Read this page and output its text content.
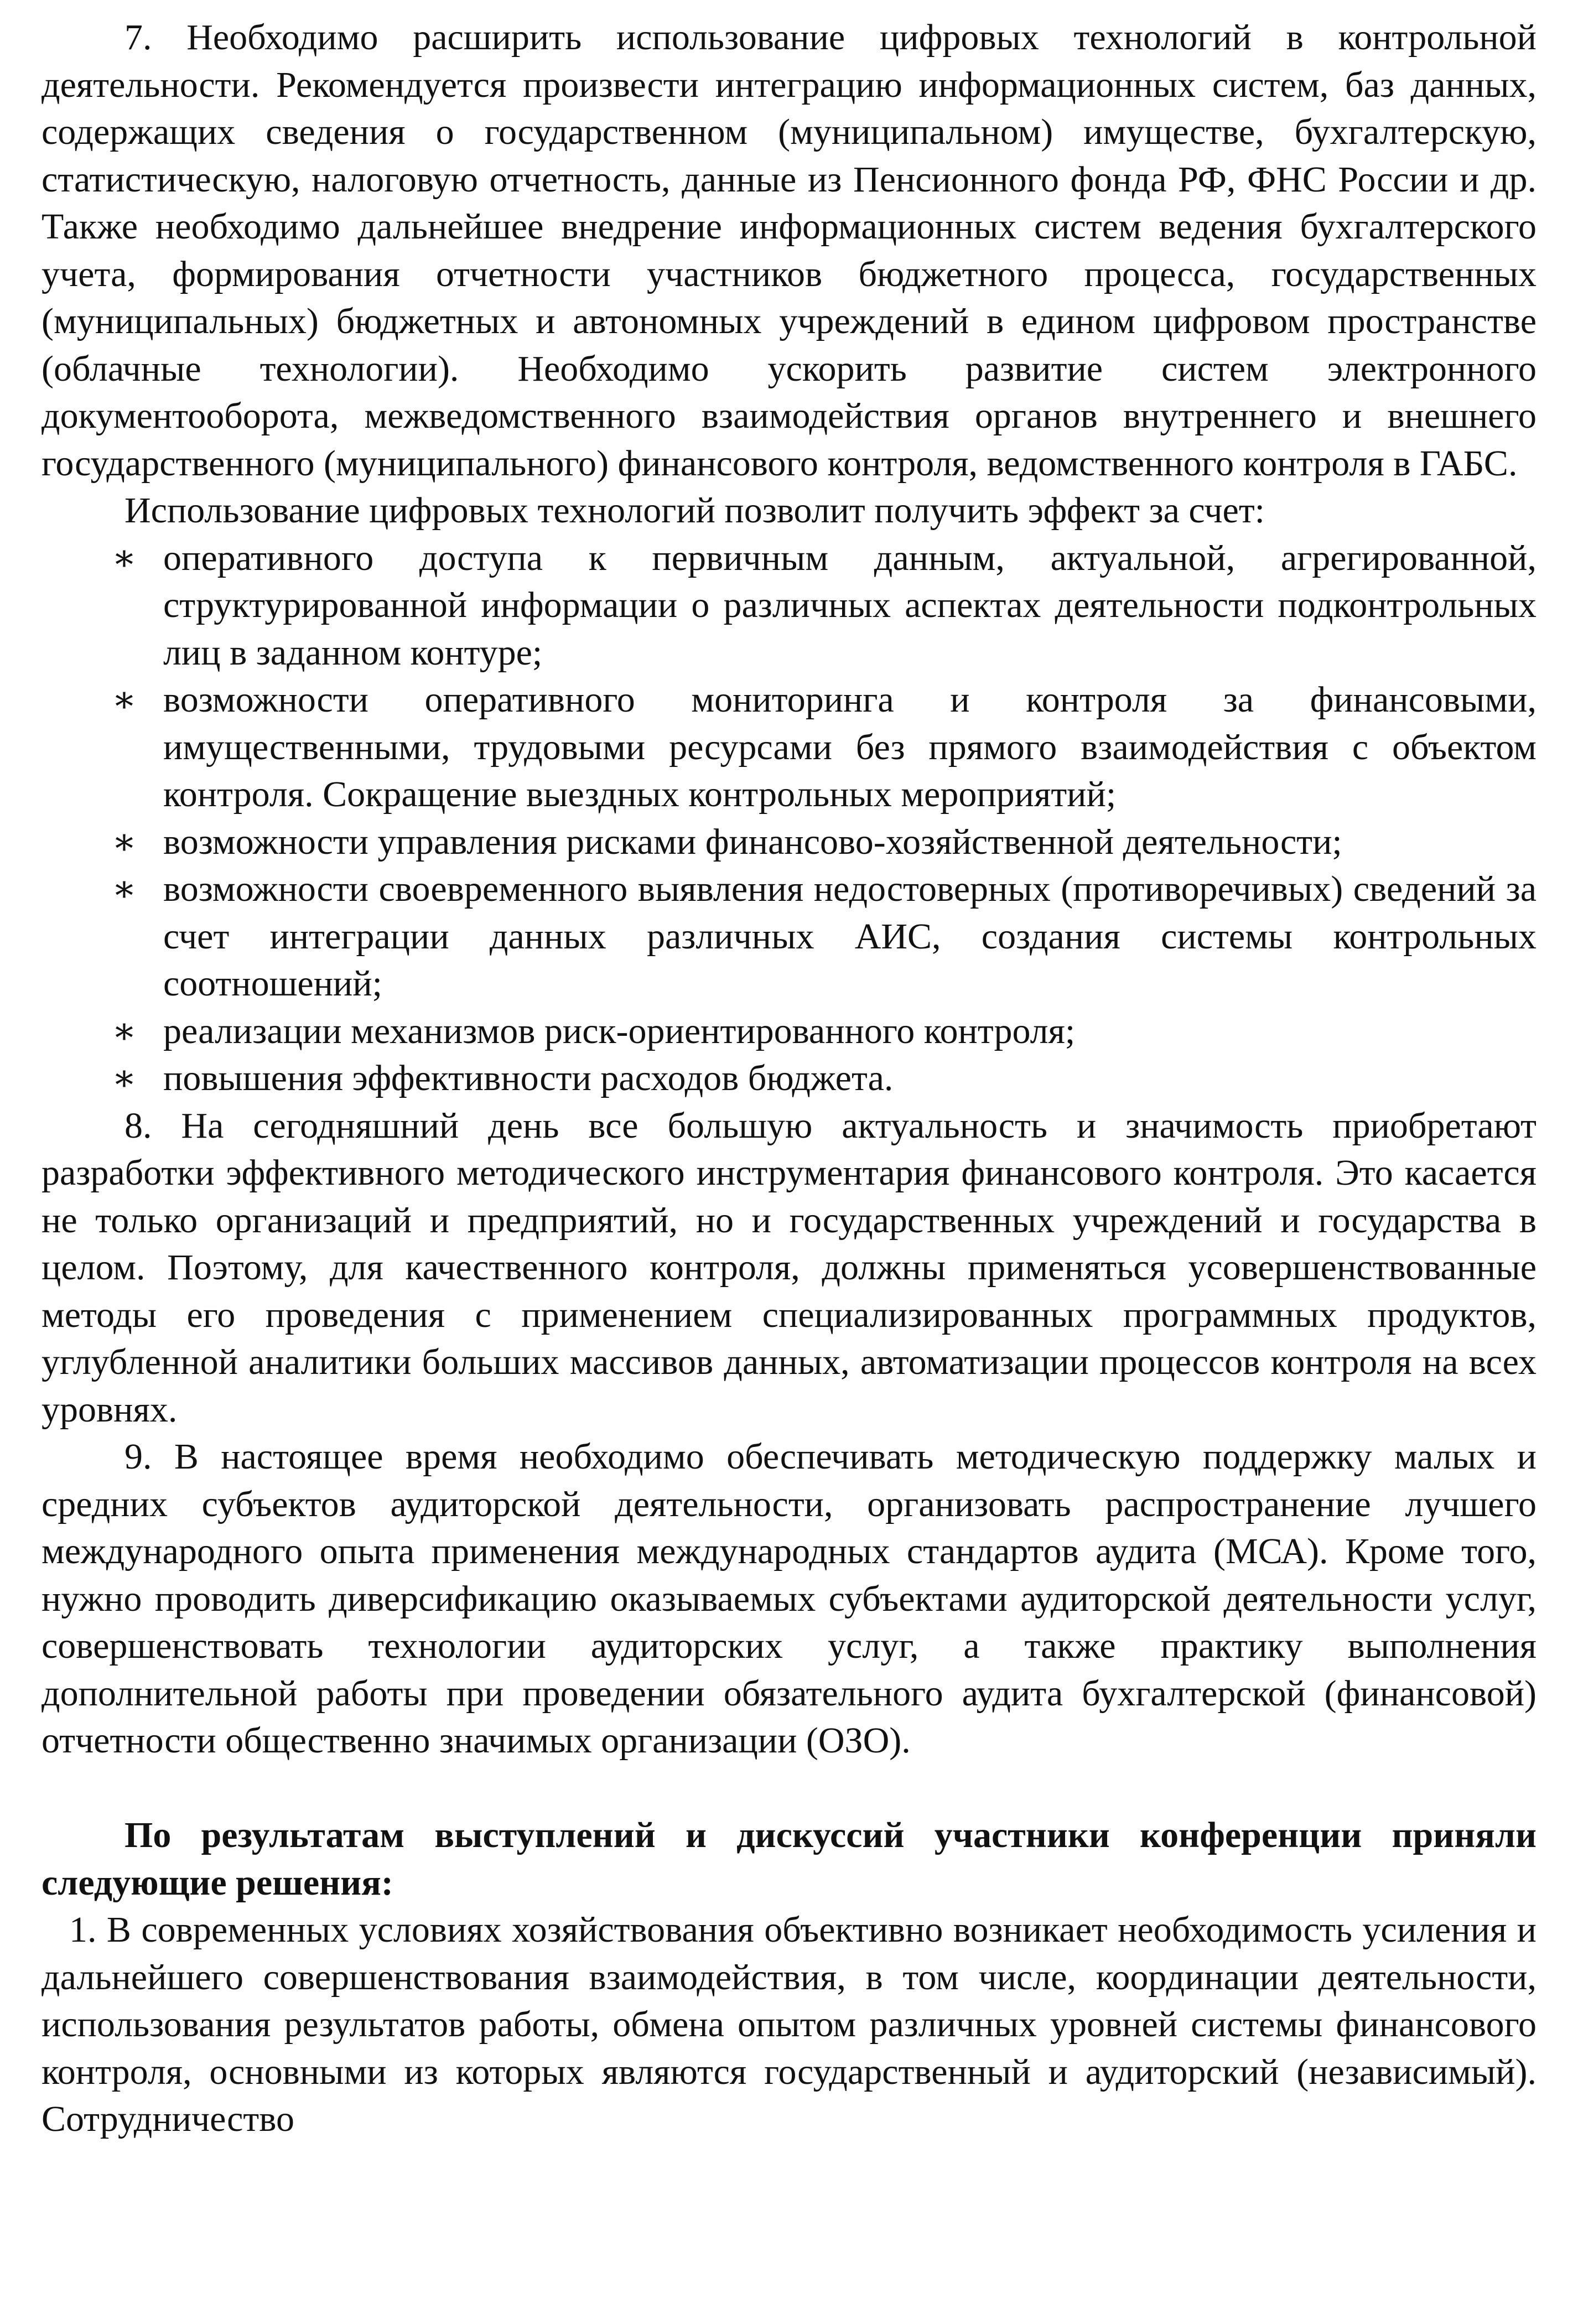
7. Необходимо расширить использование цифровых технологий в контрольной деятельности. Рекомендуется произвести интеграцию информационных систем, баз данных, содержащих сведения о государственном (муниципальном) имуществе, бухгалтерскую, статистическую, налоговую отчетность, данные из Пенсионного фонда РФ, ФНС России и др. Также необходимо дальнейшее внедрение информационных систем ведения бухгалтерского учета, формирования отчетности участников бюджетного процесса, государственных (муниципальных) бюджетных и автономных учреждений в едином цифровом пространстве (облачные технологии). Необходимо ускорить развитие систем электронного документооборота, межведомственного взаимодействия органов внутреннего и внешнего государственного (муниципального) финансового контроля, ведомственного контроля в ГАБС.

Использование цифровых технологий позволит получить эффект за счет:

∗ оперативного доступа к первичным данным, актуальной, агрегированной, структурированной информации о различных аспектах деятельности подконтрольных лиц в заданном контуре;
∗ возможности оперативного мониторинга и контроля за финансовыми, имущественными, трудовыми ресурсами без прямого взаимодействия с объектом контроля. Сокращение выездных контрольных мероприятий;
∗ возможности управления рисками финансово-хозяйственной деятельности;
∗ возможности своевременного выявления недостоверных (противоречивых) сведений за счет интеграции данных различных АИС, создания системы контрольных соотношений;
∗ реализации механизмов риск-ориентированного контроля;
∗ повышения эффективности расходов бюджета.

8. На сегодняшний день все большую актуальность и значимость приобретают разработки эффективного методического инструментария финансового контроля. Это касается не только организаций и предприятий, но и государственных учреждений и государства в целом. Поэтому, для качественного контроля, должны применяться усовершенствованные методы его проведения с применением специализированных программных продуктов, углубленной аналитики больших массивов данных, автоматизации процессов контроля на всех уровнях.

9. В настоящее время необходимо обеспечивать методическую поддержку малых и средних субъектов аудиторской деятельности, организовать распространение лучшего международного опыта применения международных стандартов аудита (МСА). Кроме того, нужно проводить диверсификацию оказываемых субъектами аудиторской деятельности услуг, совершенствовать технологии аудиторских услуг, а также практику выполнения дополнительной работы при проведении обязательного аудита бухгалтерской (финансовой) отчетности общественно значимых организации (ОЗО).

По результатам выступлений и дискуссий участники конференции приняли следующие решения:

1. В современных условиях хозяйствования объективно возникает необходимость усиления и дальнейшего совершенствования взаимодействия, в том числе, координации деятельности, использования результатов работы, обмена опытом различных уровней системы финансового контроля, основными из которых являются государственный и аудиторский (независимый). Сотрудничество
